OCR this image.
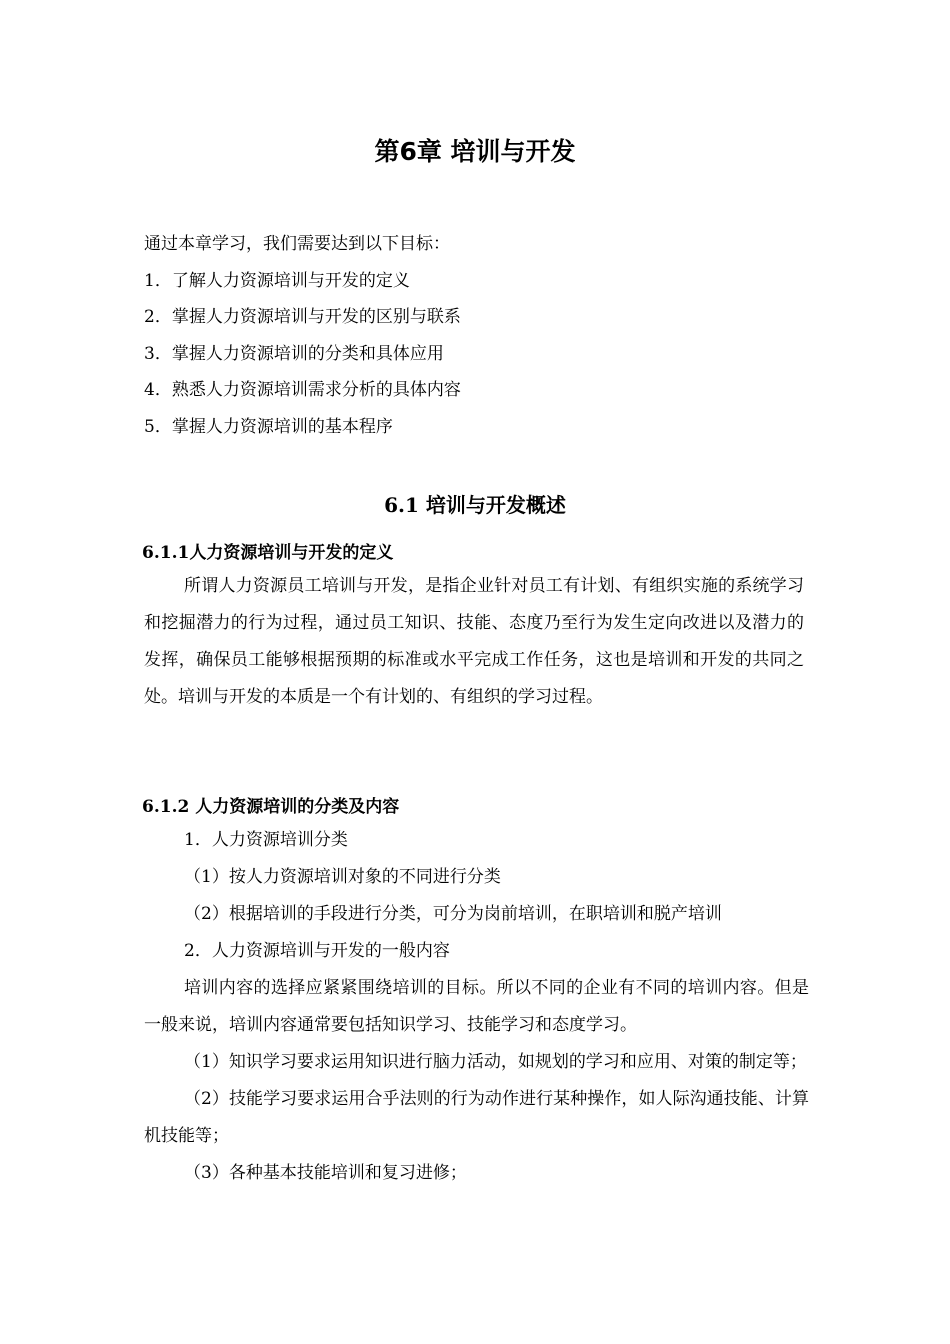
第6章 培训与开发
通过本章学习，我们需要达到以下目标：
1．了解人力资源培训与开发的定义
2．掌握人力资源培训与开发的区别与联系
3．掌握人力资源培训的分类和具体应用
4．熟悉人力资源培训需求分析的具体内容
5．掌握人力资源培训的基本程序
6.1 培训与开发概述
6.1.1人力资源培训与开发的定义
所谓人力资源员工培训与开发，是指企业针对员工有计划、有组织实施的系统学习和挖掘潜力的行为过程，通过员工知识、技能、态度乃至行为发生定向改进以及潜力的发挥，确保员工能够根据预期的标准或水平完成工作任务，这也是培训和开发的共同之处。培训与开发的本质是一个有计划的、有组织的学习过程。
6.1.2 人力资源培训的分类及内容
1．人力资源培训分类
（1）按人力资源培训对象的不同进行分类
（2）根据培训的手段进行分类，可分为岗前培训，在职培训和脱产培训
2．人力资源培训与开发的一般内容
培训内容的选择应紧紧围绕培训的目标。所以不同的企业有不同的培训内容。但是一般来说，培训内容通常要包括知识学习、技能学习和态度学习。
（1）知识学习要求运用知识进行脑力活动，如规划的学习和应用、对策的制定等；
（2）技能学习要求运用合乎法则的行为动作进行某种操作，如人际沟通技能、计算机技能等；
（3）各种基本技能培训和复习进修；
